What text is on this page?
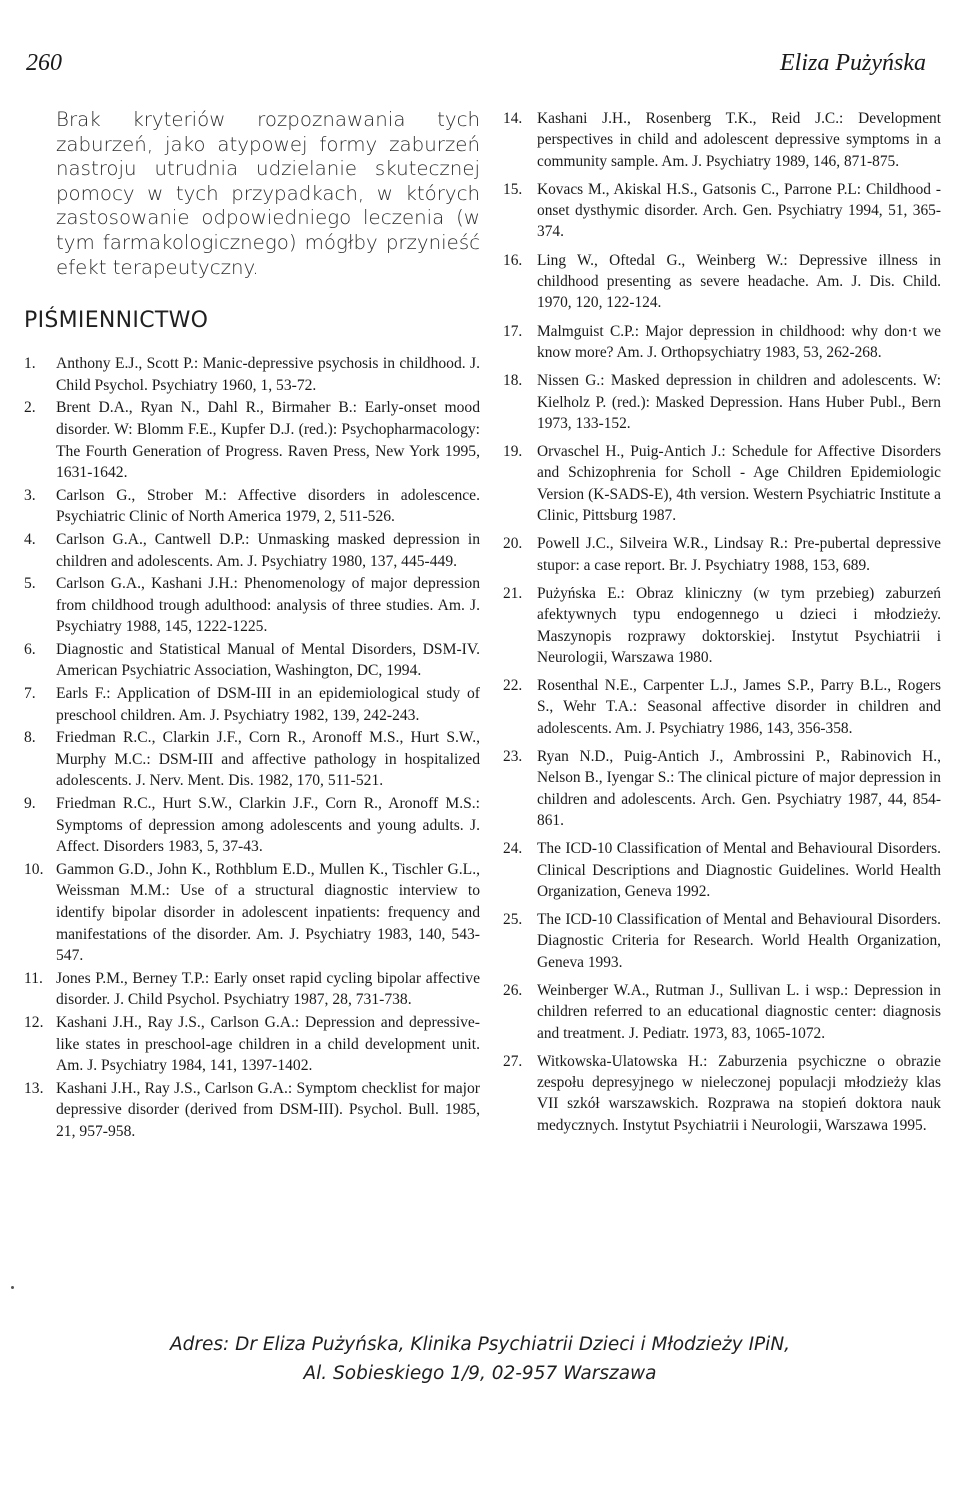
260	Eliza Pużyńska

Brak kryteriów rozpoznawania tych zaburzeń, jako atypowej formy zaburzeń nastroju utrudnia udzielanie skutecznej pomocy w tych przypadkach, w których zastosowanie odpowiedniego leczenia (w tym farmakologicznego) mógłby przynieść efekt terapeutyczny.

PIŚMIENNICTWO
1. Anthony E.J., Scott P.: Manic-depressive psychosis in childhood. J. Child Psychol. Psychiatry 1960, 1, 53-72.
2. Brent D.A., Ryan N., Dahl R., Birmaher B.: Early-onset mood disorder. W: Blomm F.E., Kupfer D.J. (red.): Psychopharmacology: The Fourth Generation of Progress. Raven Press, New York 1995, 1631-1642.
3. Carlson G., Strober M.: Affective disorders in adolescence. Psychiatric Clinic of North America 1979, 2, 511-526.
4. Carlson G.A., Cantwell D.P.: Unmasking masked depression in children and adolescents. Am. J. Psychiatry 1980, 137, 445-449.
5. Carlson G.A., Kashani J.H.: Phenomenology of major depression from childhood trough adulthood: analysis of three studies. Am. J. Psychiatry 1988, 145, 1222-1225.
6. Diagnostic and Statistical Manual of Mental Disorders, DSM-IV. American Psychiatric Association, Washington, DC, 1994.
7. Earls F.: Application of DSM-III in an epidemiological study of preschool children. Am. J. Psychiatry 1982, 139, 242-243.
8. Friedman R.C., Clarkin J.F., Corn R., Aronoff M.S., Hurt S.W., Murphy M.C.: DSM-III and affective pathology in hospitalized adolescents. J. Nerv. Ment. Dis. 1982, 170, 511-521.
9. Friedman R.C., Hurt S.W., Clarkin J.F., Corn R., Aronoff M.S.: Symptoms of depression among adolescents and young adults. J. Affect. Disorders 1983, 5, 37-43.
10. Gammon G.D., John K., Rothblum E.D., Mullen K., Tischler G.L., Weissman M.M.: Use of a structural diagnostic interview to identify bipolar disorder in adolescent inpatients: frequency and manifestations of the disorder. Am. J. Psychiatry 1983, 140, 543-547.
11. Jones P.M., Berney T.P.: Early onset rapid cycling bipolar affective disorder. J. Child Psychol. Psychiatry 1987, 28, 731-738.
12. Kashani J.H., Ray J.S., Carlson G.A.: Depression and depressive-like states in preschool-age children in a child development unit. Am. J. Psychiatry 1984, 141, 1397-1402.
13. Kashani J.H., Ray J.S., Carlson G.A.: Symptom checklist for major depressive disorder (derived from DSM-III). Psychol. Bull. 1985, 21, 957-958.
14. Kashani J.H., Rosenberg T.K., Reid J.C.: Development perspectives in child and adolescent depressive symptoms in a community sample. Am. J. Psychiatry 1989, 146, 871-875.
15. Kovacs M., Akiskal H.S., Gatsonis C., Parrone P.L: Childhood - onset dysthymic disorder. Arch. Gen. Psychiatry 1994, 51, 365-374.
16. Ling W., Oftedal G., Weinberg W.: Depressive illness in childhood presenting as severe headache. Am. J. Dis. Child. 1970, 120, 122-124.
17. Malmguist C.P.: Major depression in childhood: why don·t we know more? Am. J. Orthopsychiatry 1983, 53, 262-268.
18. Nissen G.: Masked depression in children and adolescents. W: Kielholz P. (red.): Masked Depression. Hans Huber Publ., Bern 1973, 133-152.
19. Orvaschel H., Puig-Antich J.: Schedule for Affective Disorders and Schizophrenia for Scholl - Age Children Epidemiologic Version (K-SADS-E), 4th version. Western Psychiatric Institute a Clinic, Pittsburg 1987.
20. Powell J.C., Silveira W.R., Lindsay R.: Pre-pubertal depressive stupor: a case report. Br. J. Psychiatry 1988, 153, 689.
21. Pużyńska E.: Obraz kliniczny (w tym przebieg) zaburzeń afektywnych typu endogennego u dzieci i młodzieży. Maszynopis rozprawy doktorskiej. Instytut Psychiatrii i Neurologii, Warszawa 1980.
22. Rosenthal N.E., Carpenter L.J., James S.P., Parry B.L., Rogers S., Wehr T.A.: Seasonal affective disorder in children and adolescents. Am. J. Psychiatry 1986, 143, 356-358.
23. Ryan N.D., Puig-Antich J., Ambrossini P., Rabinovich H., Nelson B., Iyengar S.: The clinical picture of major depression in children and adolescents. Arch. Gen. Psychiatry 1987, 44, 854-861.
24. The ICD-10 Classification of Mental and Behavioural Disorders. Clinical Descriptions and Diagnostic Guidelines. World Health Organization, Geneva 1992.
25. The ICD-10 Classification of Mental and Behavioural Disorders. Diagnostic Criteria for Research. World Health Organization, Geneva 1993.
26. Weinberger W.A., Rutman J., Sullivan L. i wsp.: Depression in children referred to an educational diagnostic center: diagnosis and treatment. J. Pediatr. 1973, 83, 1065-1072.
27. Witkowska-Ulatowska H.: Zaburzenia psychiczne o obrazie zespołu depresyjnego w nieleczonej populacji młodzieży klas VII szkół warszawskich. Rozprawa na stopień doktora nauk medycznych. Instytut Psychiatrii i Neurologii, Warszawa 1995.
Adres: Dr Eliza Pużyńska, Klinika Psychiatrii Dzieci i Młodzieży IPiN,
Al. Sobieskiego 1/9, 02-957 Warszawa
